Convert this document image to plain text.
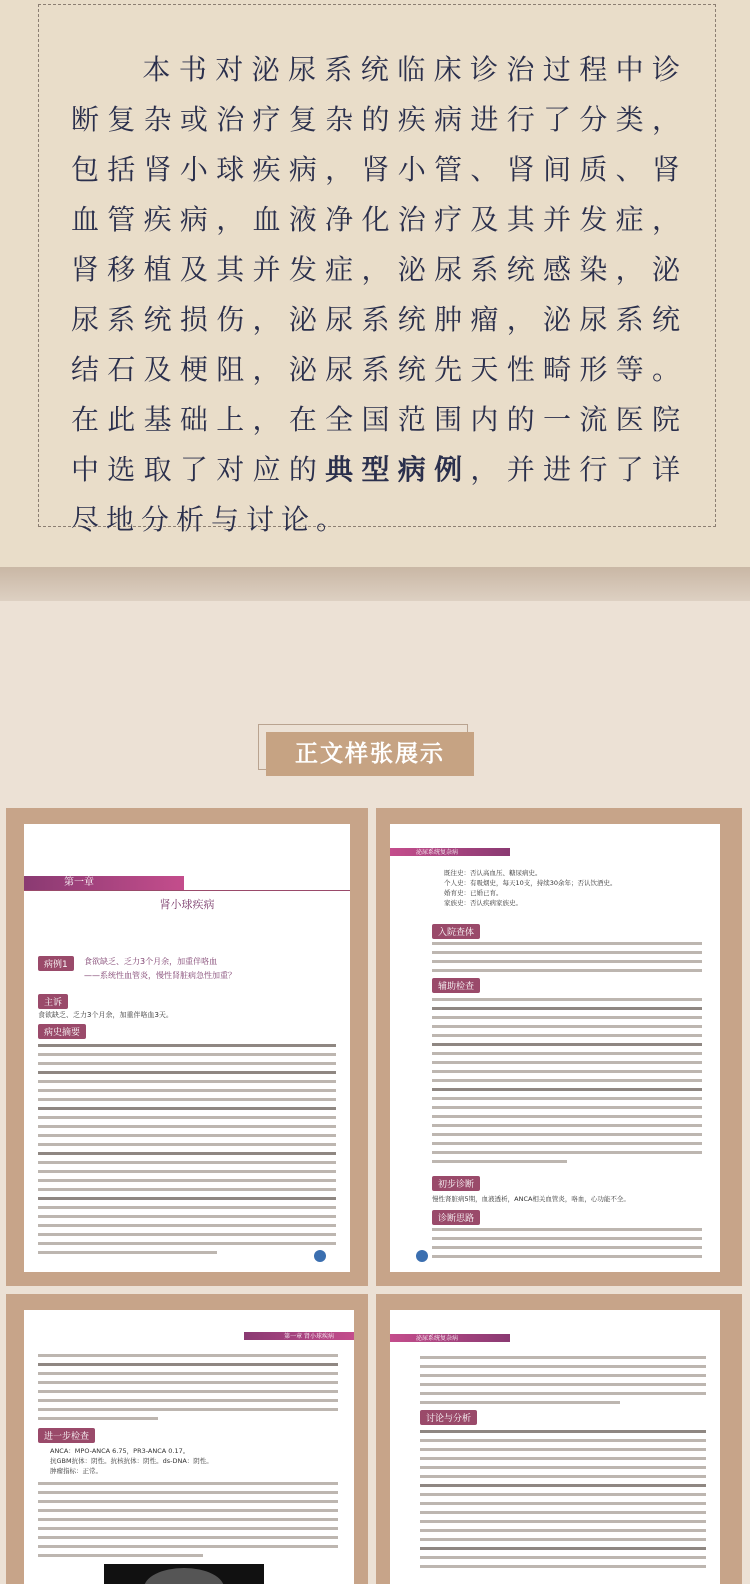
本书对泌尿系统临床诊治过程中诊断复杂或治疗复杂的疾病进行了分类，包括肾小球疾病，肾小管、肾间质、肾血管疾病，血液净化治疗及其并发症，肾移植及其并发症，泌尿系统感染，泌尿系统损伤，泌尿系统肿瘤，泌尿系统结石及梗阻，泌尿系统先天性畸形等。在此基础上，在全国范围内的一流医院中选取了对应的典型病例，并进行了详尽地分析与讨论。

正文样张展示
第一章
肾小球疾病
病例1	食欲缺乏、乏力3个月余，加重伴咯血
——系统性血管炎，慢性肾脏病急性加重？
主诉
食欲缺乏、乏力3个月余，加重伴咯血3天。
病史摘要
泌尿系统复杂病
既往史：否认高血压、糖尿病史。
个人史：有吸烟史，每天10支，持续30余年；否认饮酒史。
婚育史：已婚已育。
家族史：否认疾病家族史。
入院查体
辅助检查
初步诊断
慢性肾脏病5期，血液透析，ANCA相关血管炎，咯血，心功能不全。
诊断思路
第一章 肾小球疾病
进一步检查
ANCA：MPO-ANCA 6.75，PR3-ANCA 0.17。
抗GBM抗体：阴性。抗核抗体：阴性。ds-DNA：阴性。
肿瘤指标：正常。
泌尿系统复杂病
讨论与分析
